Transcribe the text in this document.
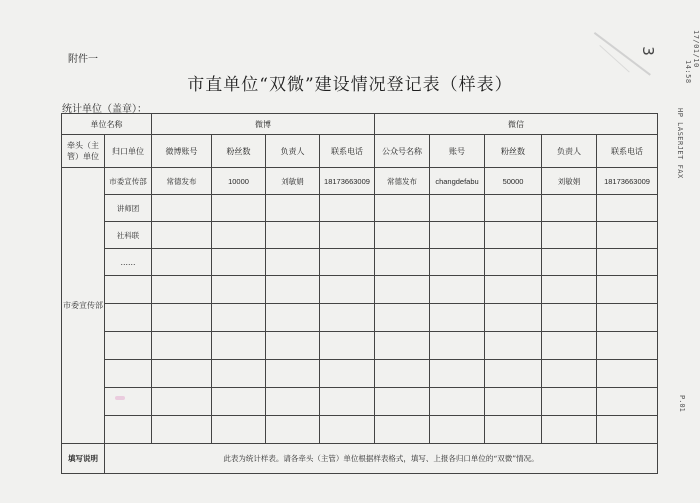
附件一
市直单位“双微”建设情况登记表（样表）
统计单位（盖章）：
17/01/10
14:58
HP LASERJET FAX
3
P.01
单位名称		微博				微信				
牵头（主管）单位	归口单位	微博账号	粉丝数	负责人	联系电话	公众号名称	账号	粉丝数	负责人	联系电话
市委宣传部	市委宣传部	常德发布	10000	刘敏娟	18173663009	常德发布	changdefabu	50000	刘敏娟	18173663009
	讲师团									
	社科联									
	……									

填写说明	此表为统计样表。请各牵头（主管）单位根据样表格式，填写、上报各归口单位的“双微”情况。									
